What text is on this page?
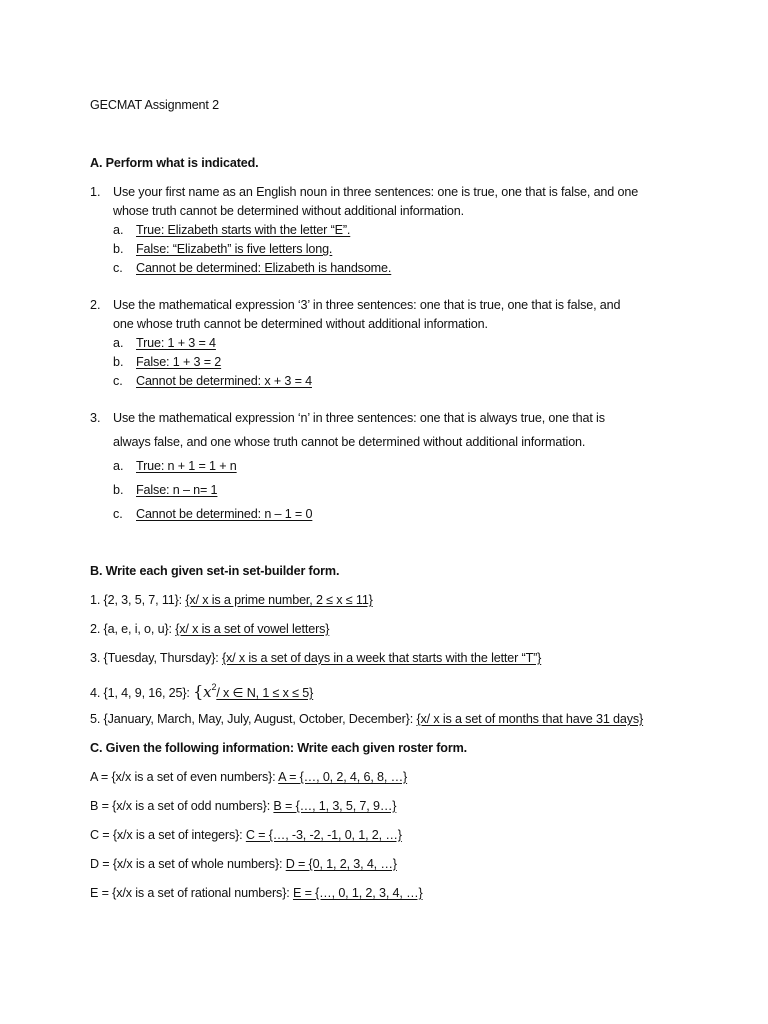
GECMAT Assignment 2
A. Perform what is indicated.
1. Use your first name as an English noun in three sentences: one is true, one that is false, and one
whose truth cannot be determined without additional information.
a. True: Elizabeth starts with the letter “E”.
b. False: “Elizabeth” is five letters long.
c. Cannot be determined: Elizabeth is handsome.
2. Use the mathematical expression ‘3’ in three sentences: one that is true, one that is false, and
one whose truth cannot be determined without additional information.
a. True: 1 + 3 = 4
b. False: 1 + 3 = 2
c. Cannot be determined: x + 3 = 4
3. Use the mathematical expression ‘n’ in three sentences: one that is always true, one that is
always false, and one whose truth cannot be determined without additional information.
a. True: n + 1 = 1 + n
b. False: n – n= 1
c. Cannot be determined: n – 1 = 0
B. Write each given set-in set-builder form.
1. {2, 3, 5, 7, 11}: {x/ x is a prime number, 2 ≤ x ≤ 11}
2. {a, e, i, o, u}: {x/ x is a set of vowel letters}
3. {Tuesday, Thursday}: {x/ x is a set of days in a week that starts with the letter “T”}
4. {1, 4, 9, 16, 25}: {$x^2/$ x ∈ N, 1 ≤ x ≤ 5}
5. {January, March, May, July, August, October, December}: {x/ x is a set of months that have 31 days}
C. Given the following information: Write each given roster form.
A = {x/x is a set of even numbers}: A = {…, 0, 2, 4, 6, 8, …}
B = {x/x is a set of odd numbers}: B = {…, 1, 3, 5, 7, 9…}
C = {x/x is a set of integers}: C = {…, -3, -2, -1, 0, 1, 2, …}
D = {x/x is a set of whole numbers}: D = {0, 1, 2, 3, 4, …}
E = {x/x is a set of rational numbers}: E = {…, 0, 1, 2, 3, 4, …}
